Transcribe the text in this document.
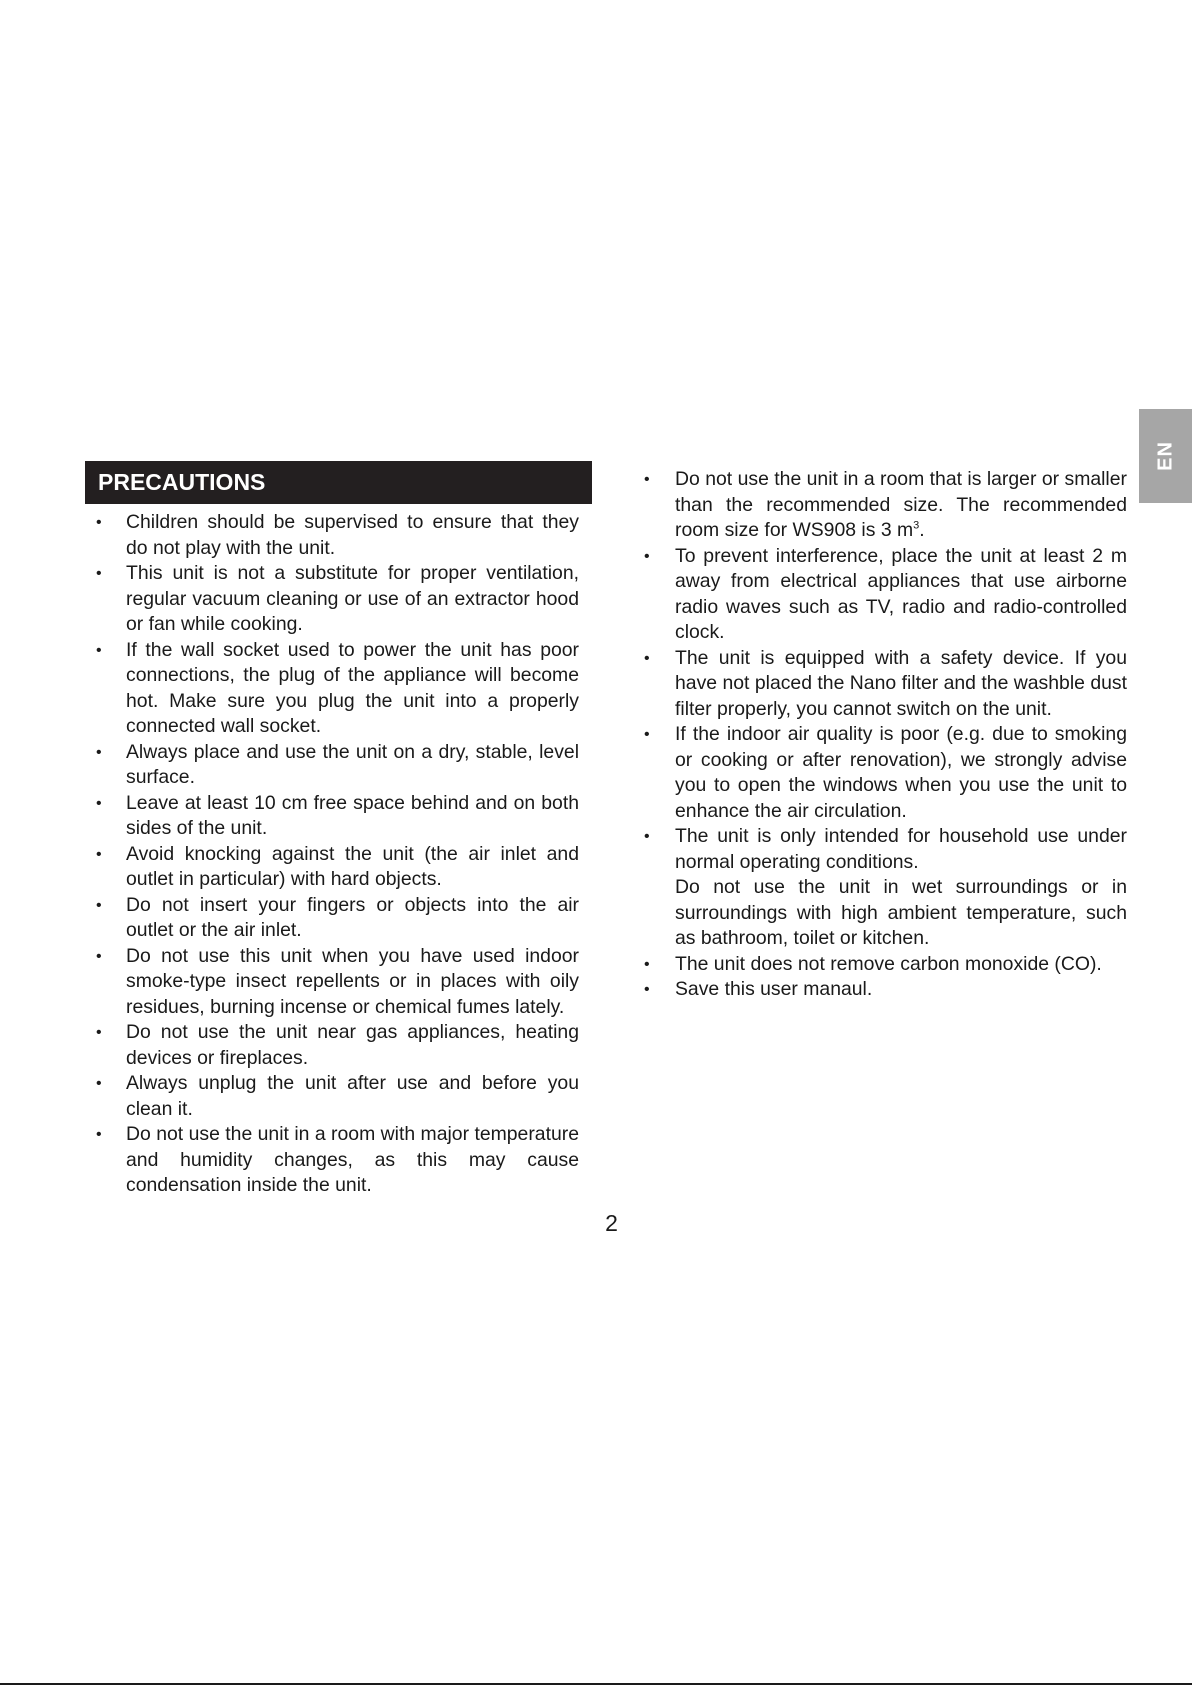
EN
PRECAUTIONS
• Children should be supervised to ensure that they do not play with the unit.
• This unit is not a substitute for proper ventilation, regular vacuum cleaning or use of an extractor hood or fan while cooking.
• If the wall socket used to power the unit has poor connections, the plug of the appliance will become hot. Make sure you plug the unit into a properly connected wall socket.
• Always place and use the unit on a dry, stable, level surface.
• Leave at least 10 cm free space behind and on both sides of the unit.
• Avoid knocking against the unit (the air inlet and outlet in particular) with hard objects.
• Do not insert your fingers or objects into the air outlet or the air inlet.
• Do not use this unit when you have used indoor smoke-type insect repellents or in places with oily residues, burning incense or chemical fumes lately.
• Do not use the unit near gas appliances, heating devices or fireplaces.
• Always unplug the unit after use and before you clean it.
• Do not use the unit in a room with major temperature and humidity changes, as this may cause condensation inside the unit.
• Do not use the unit in a room that is larger or smaller than the recommended size. The recommended room size for WS908 is 3 $m^3$.
• To prevent interference, place the unit at least 2 m away from electrical appliances that use airborne radio waves such as TV, radio and radio-controlled clock.
• The unit is equipped with a safety device. If you have not placed the Nano filter and the washble dust filter properly, you cannot switch on the unit.
• If the indoor air quality is poor (e.g. due to smoking or cooking or after renovation), we strongly advise you to open the windows when you use the unit to enhance the air circulation.
• The unit is only intended for household use under normal operating conditions.
Do not use the unit in wet surroundings or in surroundings with high ambient temperature, such as bathroom, toilet or kitchen.
• The unit does not remove carbon monoxide (CO).
• Save this user manaul.
2
